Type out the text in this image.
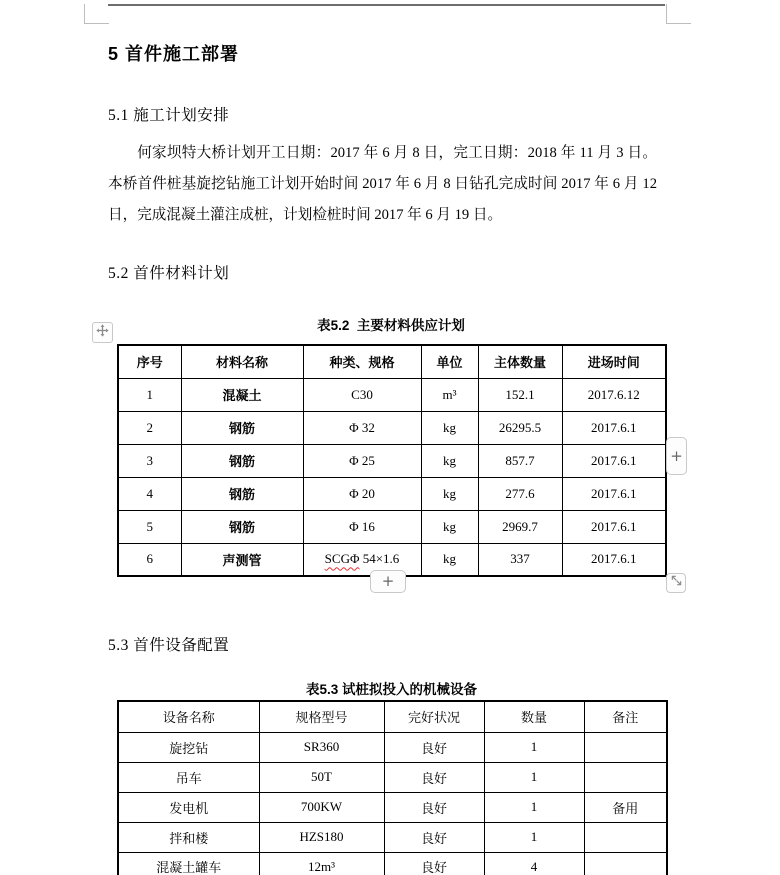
5 首件施工部署
5.1 施工计划安排
何家坝特大桥计划开工日期：2017 年 6 月 8 日，完工日期：2018 年 11 月 3 日。本桥首件桩基旋挖钻施工计划开始时间 2017 年 6 月 8 日钻孔完成时间 2017 年 6 月 12 日，完成混凝土灌注成桩，计划检桩时间 2017 年 6 月 19 日。
5.2 首件材料计划
表5.2  主要材料供应计划
序号	材料名称	种类、规格	单位	主体数量	进场时间
1	混凝土	C30	m³	152.1	2017.6.12
2	钢筋	Φ 32	kg	26295.5	2017.6.1
3	钢筋	Φ 25	kg	857.7	2017.6.1
4	钢筋	Φ 20	kg	277.6	2017.6.1
5	钢筋	Φ 16	kg	2969.7	2017.6.1
6	声测管	SCGΦ 54×1.6	kg	337	2017.6.1
+
+
5.3 首件设备配置
表5.3 试桩拟投入的机械设备
设备名称	规格型号	完好状况	数量	备注
旋挖钻	SR360	良好	1	
吊车	50T	良好	1	
发电机	700KW	良好	1	备用
拌和楼	HZS180	良好	1	
混凝土罐车	12m³	良好	4	
